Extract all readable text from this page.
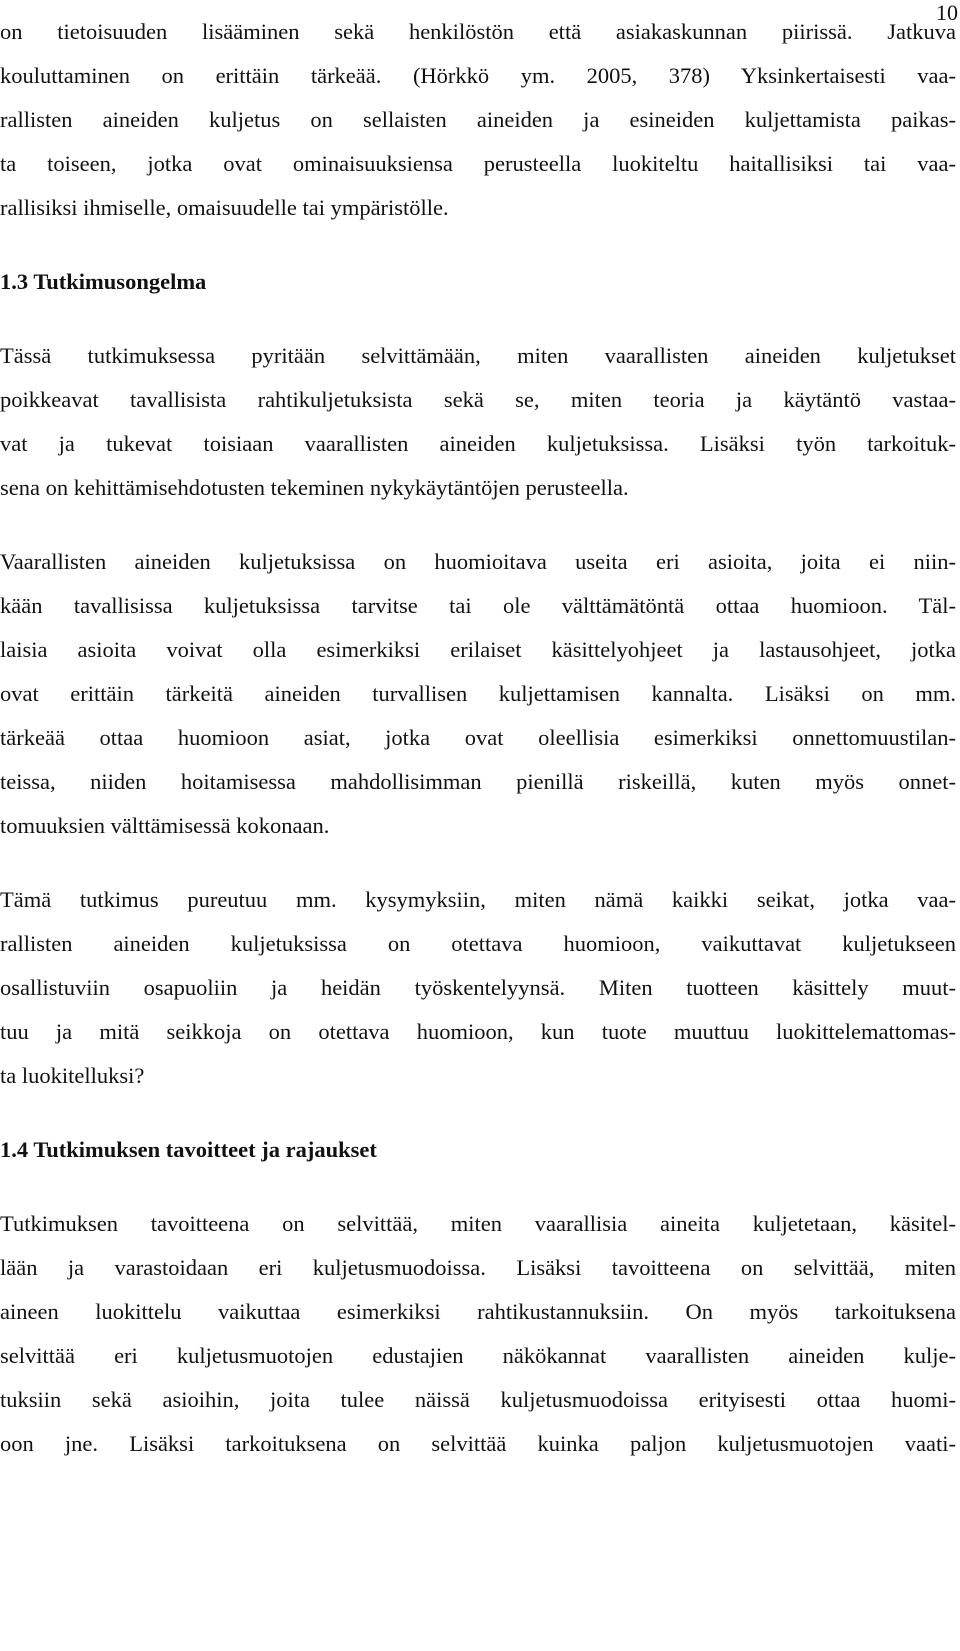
10
on tietoisuuden lisääminen sekä henkilöstön että asiakaskunnan piirissä. Jatkuva
kouluttaminen on erittäin tärkeää. (Hörkkö ym. 2005, 378) Yksinkertaisesti vaa-
rallisten aineiden kuljetus on sellaisten aineiden ja esineiden kuljettamista paikas-
ta toiseen, jotka ovat ominaisuuksiensa perusteella luokiteltu haitallisiksi tai vaa-
rallisiksi ihmiselle, omaisuudelle tai ympäristölle.
1.3 Tutkimusongelma
Tässä tutkimuksessa pyritään selvittämään, miten vaarallisten aineiden kuljetukset
poikkeavat tavallisista rahtikuljetuksista sekä se, miten teoria ja käytäntö vastaa-
vat ja tukevat toisiaan vaarallisten aineiden kuljetuksissa. Lisäksi työn tarkoituk-
sena on kehittämisehdotusten tekeminen nykykäytäntöjen perusteella.
Vaarallisten aineiden kuljetuksissa on huomioitava useita eri asioita, joita ei niin-
kään tavallisissa kuljetuksissa tarvitse tai ole välttämätöntä ottaa huomioon. Täl-
laisia asioita voivat olla esimerkiksi erilaiset käsittelyohjeet ja lastausohjeet, jotka
ovat erittäin tärkeitä aineiden turvallisen kuljettamisen kannalta. Lisäksi on mm.
tärkeää ottaa huomioon asiat, jotka ovat oleellisia esimerkiksi onnettomuustilan-
teissa, niiden hoitamisessa mahdollisimman pienillä riskeillä, kuten myös onnet-
tomuuksien välttämisessä kokonaan.
Tämä tutkimus pureutuu mm. kysymyksiin, miten nämä kaikki seikat, jotka vaa-
rallisten aineiden kuljetuksissa on otettava huomioon, vaikuttavat kuljetukseen
osallistuviin osapuoliin ja heidän työskentelyynsä. Miten tuotteen käsittely muut-
tuu ja mitä seikkoja on otettava huomioon, kun tuote muuttuu luokittelemattomas-
ta luokitelluksi?
1.4 Tutkimuksen tavoitteet ja rajaukset
Tutkimuksen tavoitteena on selvittää, miten vaarallisia aineita kuljetetaan, käsitel-
lään ja varastoidaan eri kuljetusmuodoissa. Lisäksi tavoitteena on selvittää, miten
aineen luokittelu vaikuttaa esimerkiksi rahtikustannuksiin. On myös tarkoituksena
selvittää eri kuljetusmuotojen edustajien näkökannat vaarallisten aineiden kulje-
tuksiin sekä asioihin, joita tulee näissä kuljetusmuodoissa erityisesti ottaa huomi-
oon jne. Lisäksi tarkoituksena on selvittää kuinka paljon kuljetusmuotojen vaati-
